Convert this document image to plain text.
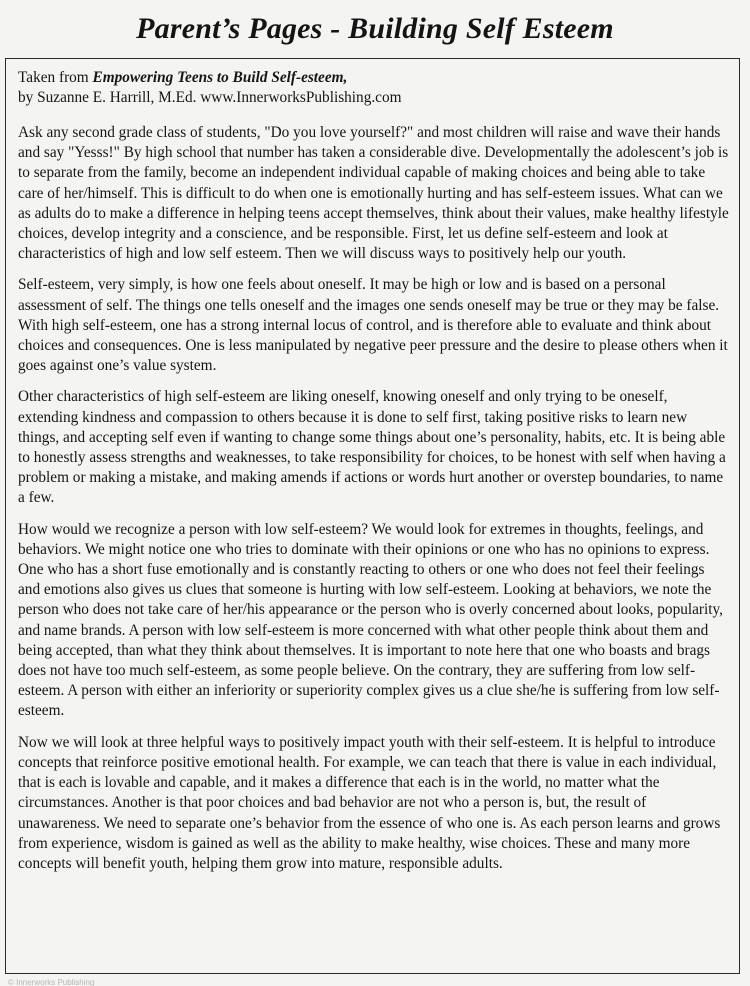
Parent’s Pages - Building Self Esteem
Taken from Empowering Teens to Build Self-esteem,
by Suzanne E. Harrill, M.Ed. www.InnerworksPublishing.com

Ask any second grade class of students, "Do you love yourself?" and most children will raise and wave their hands and say "Yesss!" By high school that number has taken a considerable dive. Developmentally the adolescent’s job is to separate from the family, become an independent individual capable of making choices and being able to take care of her/himself. This is difficult to do when one is emotionally hurting and has self-esteem issues. What can we as adults do to make a difference in helping teens accept themselves, think about their values, make healthy lifestyle choices, develop integrity and a conscience, and be responsible. First, let us define self-esteem and look at characteristics of high and low self esteem. Then we will discuss ways to positively help our youth.

Self-esteem, very simply, is how one feels about oneself. It may be high or low and is based on a personal assessment of self. The things one tells oneself and the images one sends oneself may be true or they may be false. With high self-esteem, one has a strong internal locus of control, and is therefore able to evaluate and think about choices and consequences. One is less manipulated by negative peer pressure and the desire to please others when it goes against one’s value system.

Other characteristics of high self-esteem are liking oneself, knowing oneself and only trying to be oneself, extending kindness and compassion to others because it is done to self first, taking positive risks to learn new things, and accepting self even if wanting to change some things about one’s personality, habits, etc. It is being able to honestly assess strengths and weaknesses, to take responsibility for choices, to be honest with self when having a problem or making a mistake, and making amends if actions or words hurt another or overstep boundaries, to name a few.

How would we recognize a person with low self-esteem? We would look for extremes in thoughts, feelings, and behaviors. We might notice one who tries to dominate with their opinions or one who has no opinions to express. One who has a short fuse emotionally and is constantly reacting to others or one who does not feel their feelings and emotions also gives us clues that someone is hurting with low self-esteem. Looking at behaviors, we note the person who does not take care of her/his appearance or the person who is overly concerned about looks, popularity, and name brands. A person with low self-esteem is more concerned with what other people think about them and being accepted, than what they think about themselves. It is important to note here that one who boasts and brags does not have too much self-esteem, as some people believe. On the contrary, they are suffering from low self-esteem. A person with either an inferiority or superiority complex gives us a clue she/he is suffering from low self-esteem.

Now we will look at three helpful ways to positively impact youth with their self-esteem. It is helpful to introduce concepts that reinforce positive emotional health. For example, we can teach that there is value in each individual, that is each is lovable and capable, and it makes a difference that each is in the world, no matter what the circumstances. Another is that poor choices and bad behavior are not who a person is, but, the result of unawareness. We need to separate one’s behavior from the essence of who one is. As each person learns and grows from experience, wisdom is gained as well as the ability to make healthy, wise choices. These and many more concepts will benefit youth, helping them grow into mature, responsible adults.

© Innerworks Publishing
